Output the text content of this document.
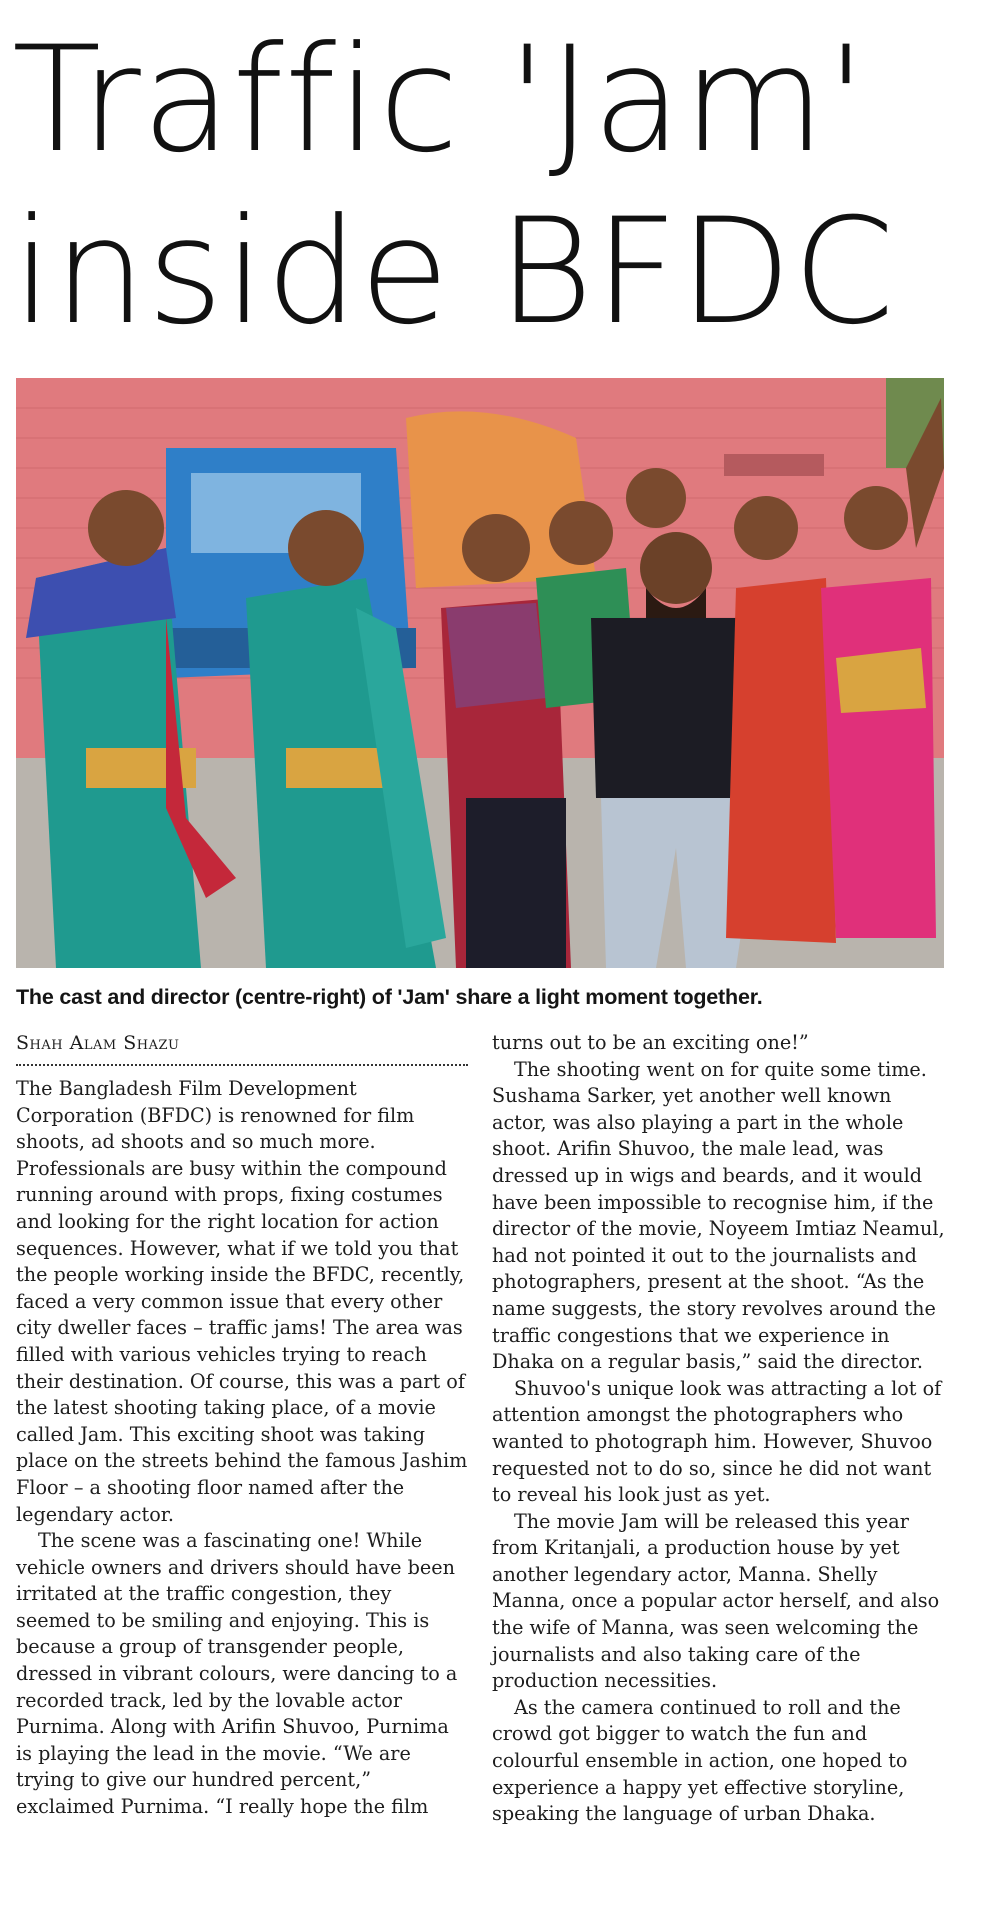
Traffic 'Jam'
inside BFDC

The cast and director (centre-right) of 'Jam' share a light moment together.

Shah Alam Shazu

The Bangladesh Film Development Corporation (BFDC) is renowned for film shoots, ad shoots and so much more. Professionals are busy within the compound running around with props, fixing costumes and looking for the right location for action sequences. However, what if we told you that the people working inside the BFDC, recently, faced a very common issue that every other city dweller faces – traffic jams! The area was filled with various vehicles trying to reach their destination. Of course, this was a part of the latest shooting taking place, of a movie called Jam. This exciting shoot was taking place on the streets behind the famous Jashim Floor – a shooting floor named after the legendary actor.

The scene was a fascinating one! While vehicle owners and drivers should have been irritated at the traffic congestion, they seemed to be smiling and enjoying. This is because a group of transgender people, dressed in vibrant colours, were dancing to a recorded track, led by the lovable actor Purnima. Along with Arifin Shuvoo, Purnima is playing the lead in the movie. “We are trying to give our hundred percent,” exclaimed Purnima. “I really hope the film

turns out to be an exciting one!”

The shooting went on for quite some time. Sushama Sarker, yet another well known actor, was also playing a part in the whole shoot. Arifin Shuvoo, the male lead, was dressed up in wigs and beards, and it would have been impossible to recognise him, if the director of the movie, Noyeem Imtiaz Neamul, had not pointed it out to the journalists and photographers, present at the shoot. “As the name suggests, the story revolves around the traffic congestions that we experience in Dhaka on a regular basis,” said the director.

Shuvoo's unique look was attracting a lot of attention amongst the photographers who wanted to photograph him. However, Shuvoo requested not to do so, since he did not want to reveal his look just as yet.

The movie Jam will be released this year from Kritanjali, a production house by yet another legendary actor, Manna. Shelly Manna, once a popular actor herself, and also the wife of Manna, was seen welcoming the journalists and also taking care of the production necessities.

As the camera continued to roll and the crowd got bigger to watch the fun and colourful ensemble in action, one hoped to experience a happy yet effective storyline, speaking the language of urban Dhaka.
